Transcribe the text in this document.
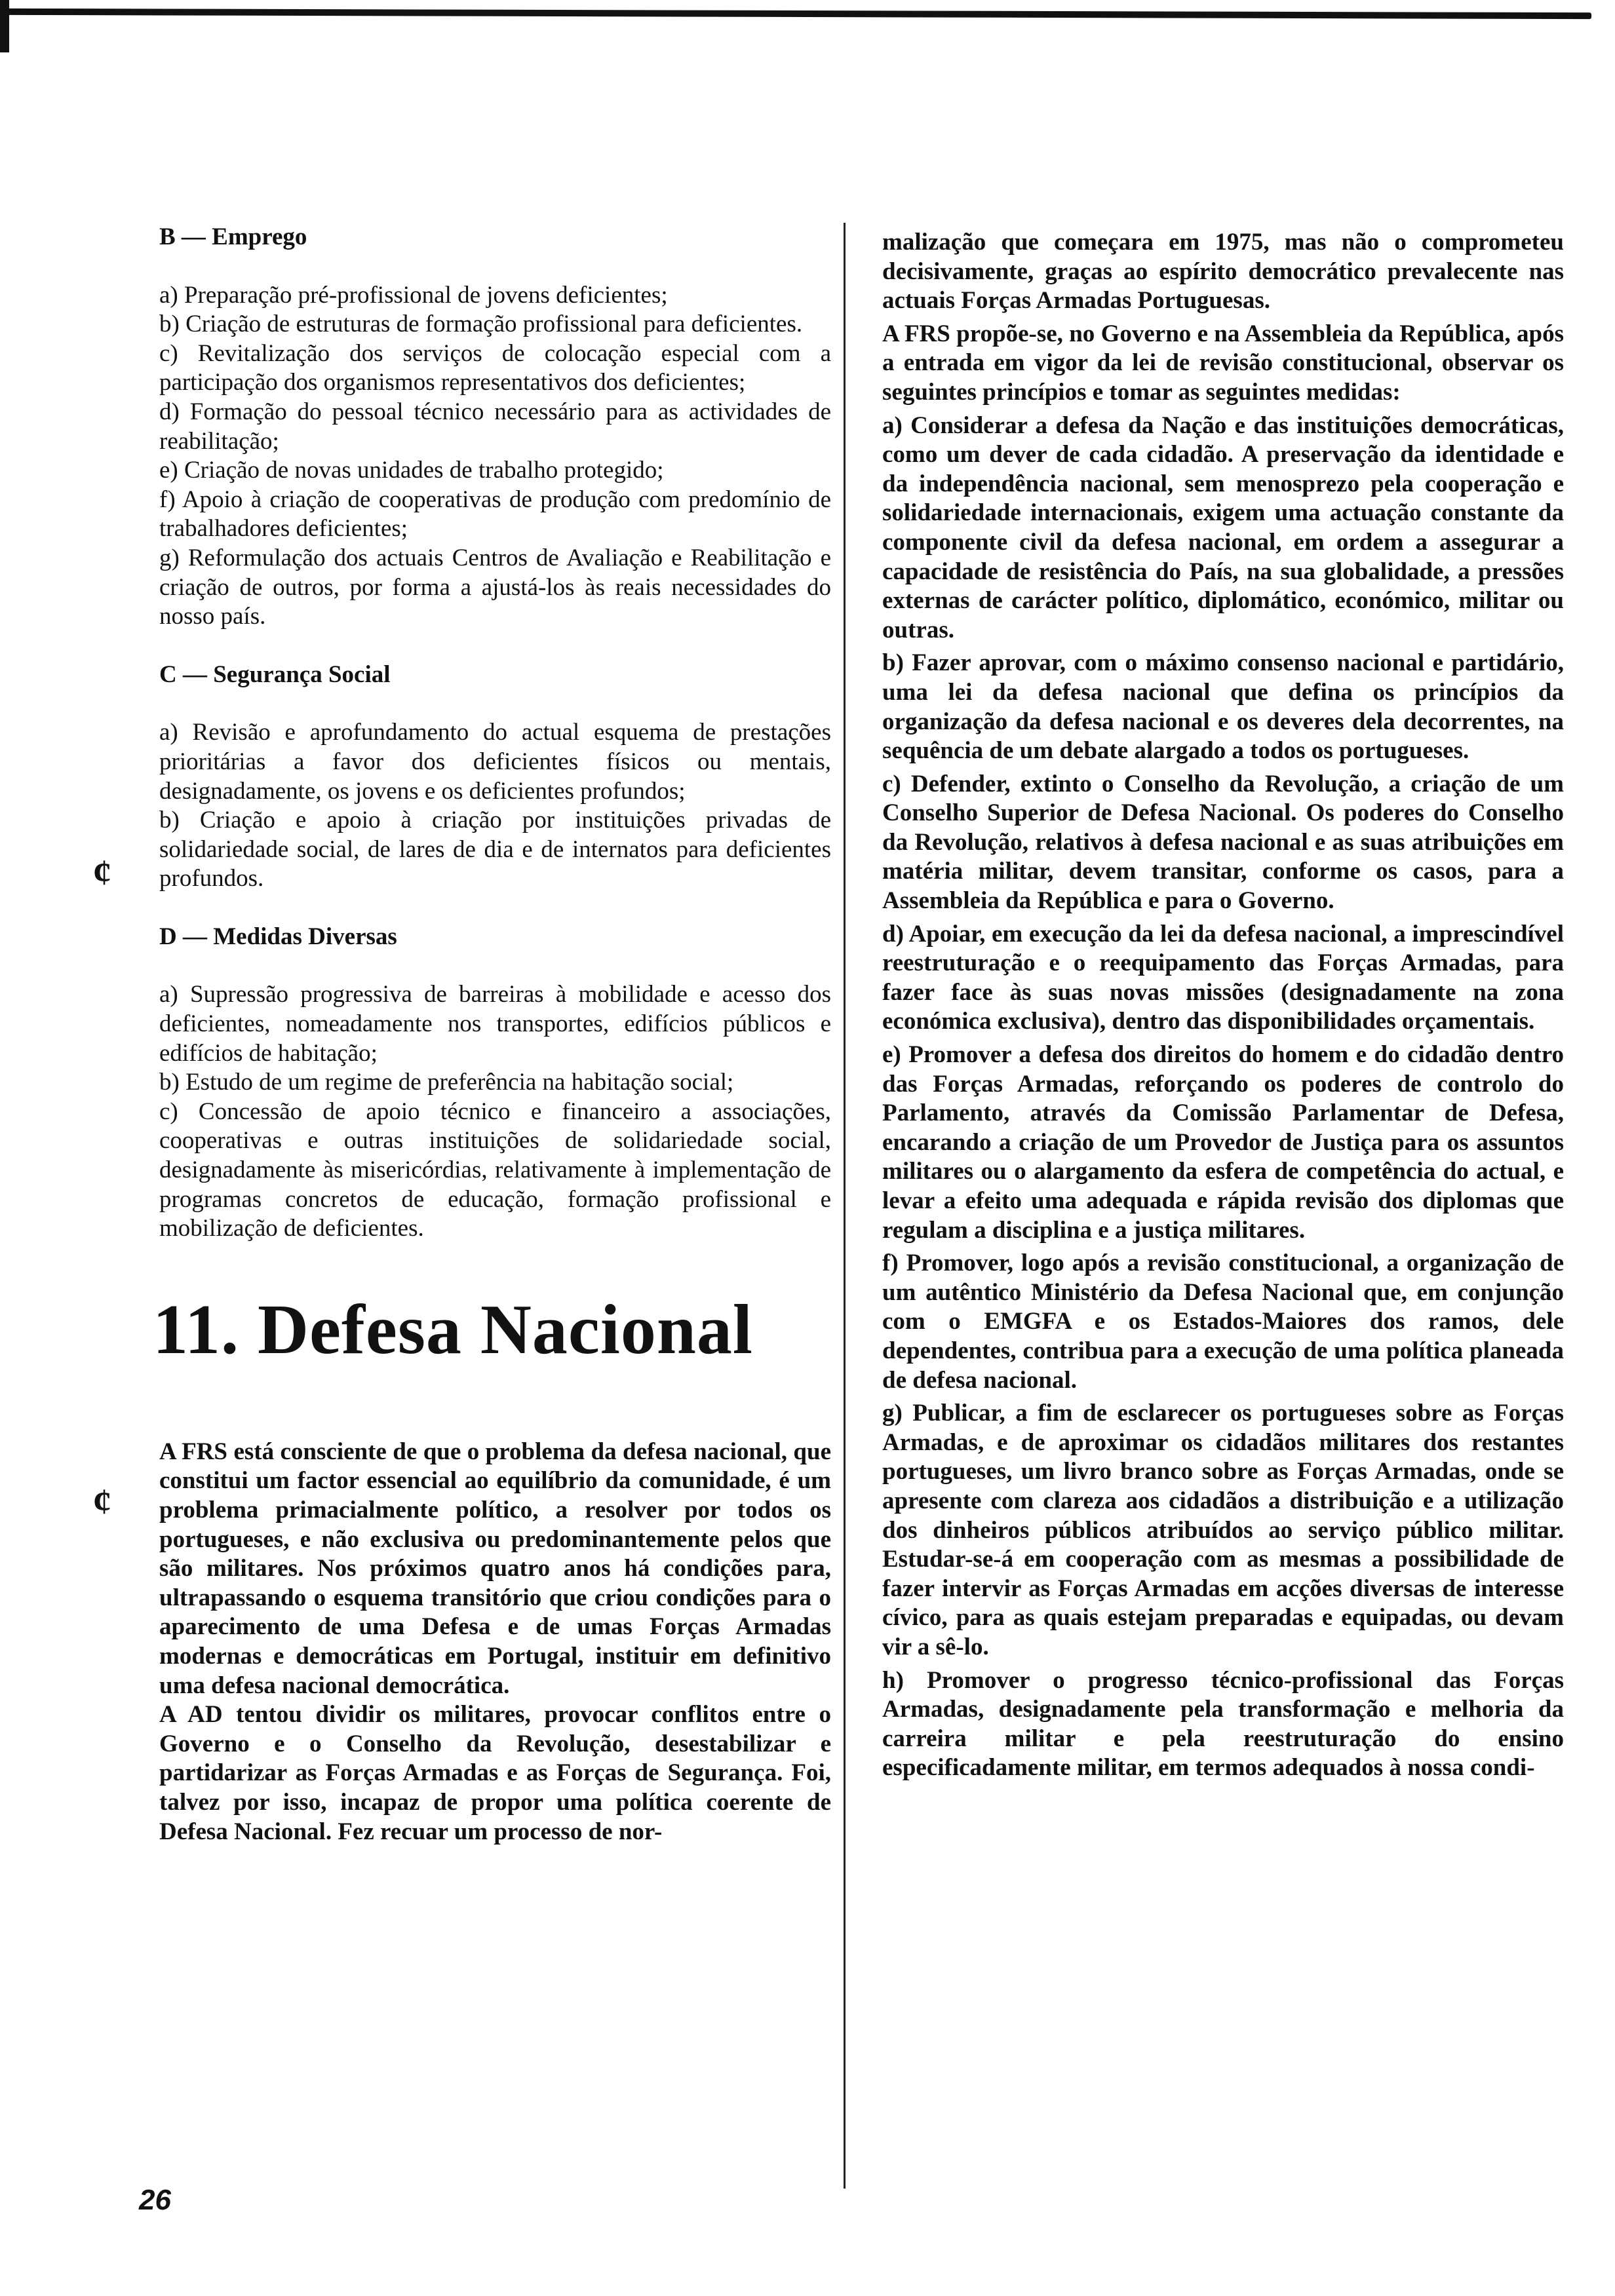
¢
¢
B — Emprego

a) Preparação pré-profissional de jovens deficientes;

b) Criação de estruturas de formação profissional para deficientes.

c) Revitalização dos serviços de colocação especial com a participação dos organismos representativos dos deficientes;

d) Formação do pessoal técnico necessário para as actividades de reabilitação;

e) Criação de novas unidades de trabalho protegido;

f) Apoio à criação de cooperativas de produção com predomínio de trabalhadores deficientes;

g) Reformulação dos actuais Centros de Avaliação e Reabilitação e criação de outros, por forma a ajustá-los às reais necessidades do nosso país.

C — Segurança Social

a) Revisão e aprofundamento do actual esquema de prestações prioritárias a favor dos deficientes físicos ou mentais, designadamente, os jovens e os deficientes profundos;

b) Criação e apoio à criação por instituições privadas de solidariedade social, de lares de dia e de internatos para deficientes profundos.

D — Medidas Diversas

a) Supressão progressiva de barreiras à mobilidade e acesso dos deficientes, nomeadamente nos transportes, edifícios públicos e edifícios de habitação;

b) Estudo de um regime de preferência na habitação social;

c) Concessão de apoio técnico e financeiro a associações, cooperativas e outras instituições de solidariedade social, designadamente às misericórdias, relativamente à implementação de programas concretos de educação, formação profissional e mobilização de deficientes.

11. Defesa Nacional

A FRS está consciente de que o problema da defesa nacional, que constitui um factor essencial ao equilíbrio da comunidade, é um problema primacialmente político, a resolver por todos os portugueses, e não exclusiva ou predominantemente pelos que são militares. Nos próximos quatro anos há condições para, ultrapassando o esquema transitório que criou condições para o aparecimento de uma Defesa e de umas Forças Armadas modernas e democráticas em Portugal, instituir em definitivo uma defesa nacional democrática.

A AD tentou dividir os militares, provocar conflitos entre o Governo e o Conselho da Revolução, desestabilizar e partidarizar as Forças Armadas e as Forças de Segurança. Foi, talvez por isso, incapaz de propor uma política coerente de Defesa Nacional. Fez recuar um processo de nor-

malização que começara em 1975, mas não o comprometeu decisivamente, graças ao espírito democrático prevalecente nas actuais Forças Armadas Portuguesas.

A FRS propõe-se, no Governo e na Assembleia da República, após a entrada em vigor da lei de revisão constitucional, observar os seguintes princípios e tomar as seguintes medidas:

a) Considerar a defesa da Nação e das instituições democráticas, como um dever de cada cidadão. A preservação da identidade e da independência nacional, sem menosprezo pela cooperação e solidariedade internacionais, exigem uma actuação constante da componente civil da defesa nacional, em ordem a assegurar a capacidade de resistência do País, na sua globalidade, a pressões externas de carácter político, diplomático, económico, militar ou outras.

b) Fazer aprovar, com o máximo consenso nacional e partidário, uma lei da defesa nacional que defina os princípios da organização da defesa nacional e os deveres dela decorrentes, na sequência de um debate alargado a todos os portugueses.

c) Defender, extinto o Conselho da Revolução, a criação de um Conselho Superior de Defesa Nacional. Os poderes do Conselho da Revolução, relativos à defesa nacional e as suas atribuições em matéria militar, devem transitar, conforme os casos, para a Assembleia da República e para o Governo.

d) Apoiar, em execução da lei da defesa nacional, a imprescindível reestruturação e o reequipamento das Forças Armadas, para fazer face às suas novas missões (designadamente na zona económica exclusiva), dentro das disponibilidades orçamentais.

e) Promover a defesa dos direitos do homem e do cidadão dentro das Forças Armadas, reforçando os poderes de controlo do Parlamento, através da Comissão Parlamentar de Defesa, encarando a criação de um Provedor de Justiça para os assuntos militares ou o alargamento da esfera de competência do actual, e levar a efeito uma adequada e rápida revisão dos diplomas que regulam a disciplina e a justiça militares.

f) Promover, logo após a revisão constitucional, a organização de um autêntico Ministério da Defesa Nacional que, em conjunção com o EMGFA e os Estados-Maiores dos ramos, dele dependentes, contribua para a execução de uma política planeada de defesa nacional.

g) Publicar, a fim de esclarecer os portugueses sobre as Forças Armadas, e de aproximar os cidadãos militares dos restantes portugueses, um livro branco sobre as Forças Armadas, onde se apresente com clareza aos cidadãos a distribuição e a utilização dos dinheiros públicos atribuídos ao serviço público militar. Estudar-se-á em cooperação com as mesmas a possibilidade de fazer intervir as Forças Armadas em acções diversas de interesse cívico, para as quais estejam preparadas e equipadas, ou devam vir a sê-lo.

h) Promover o progresso técnico-profissional das Forças Armadas, designadamente pela transformação e melhoria da carreira militar e pela reestruturação do ensino especificadamente militar, em termos adequados à nossa condi-

26
